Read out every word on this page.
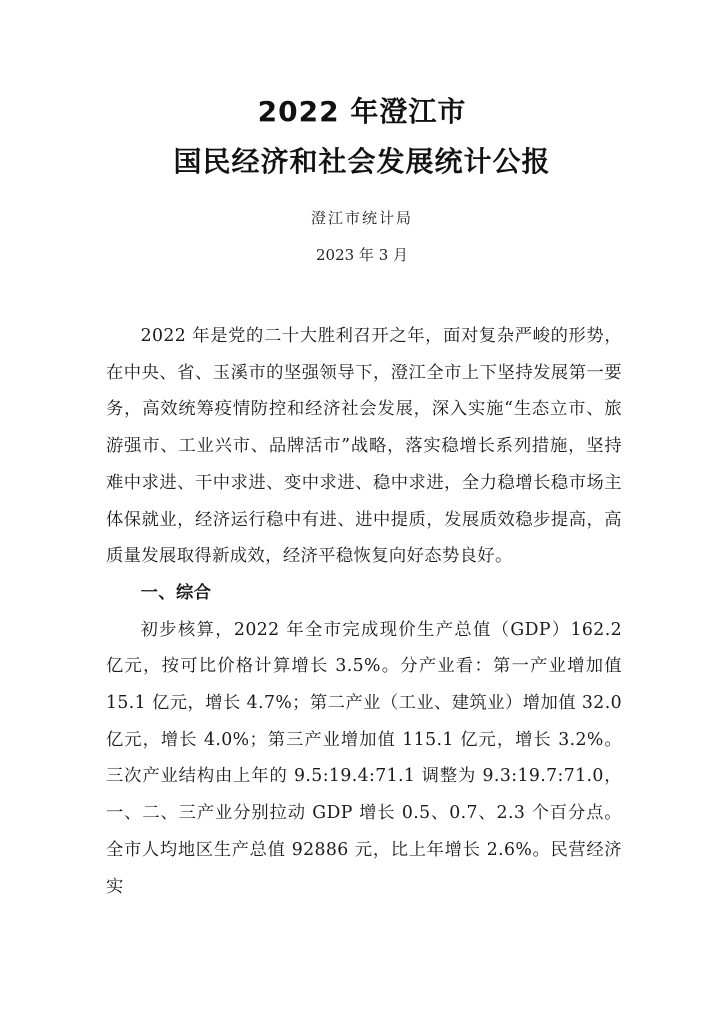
2022 年澄江市
国民经济和社会发展统计公报
澄江市统计局
2023 年 3 月

2022 年是党的二十大胜利召开之年，面对复杂严峻的形势，在中央、省、玉溪市的坚强领导下，澄江全市上下坚持发展第一要务，高效统筹疫情防控和经济社会发展，深入实施“生态立市、旅游强市、工业兴市、品牌活市”战略，落实稳增长系列措施，坚持难中求进、干中求进、变中求进、稳中求进，全力稳增长稳市场主体保就业，经济运行稳中有进、进中提质，发展质效稳步提高，高质量发展取得新成效，经济平稳恢复向好态势良好。

一、综合

初步核算，2022 年全市完成现价生产总值（GDP）162.2 亿元，按可比价格计算增长 3.5%。分产业看：第一产业增加值 15.1 亿元，增长 4.7%；第二产业（工业、建筑业）增加值 32.0 亿元，增长 4.0%；第三产业增加值 115.1 亿元，增长 3.2%。三次产业结构由上年的 9.5:19.4:71.1 调整为 9.3:19.7:71.0，一、二、三产业分别拉动 GDP 增长 0.5、0.7、2.3 个百分点。全市人均地区生产总值 92886 元，比上年增长 2.6%。民营经济实
